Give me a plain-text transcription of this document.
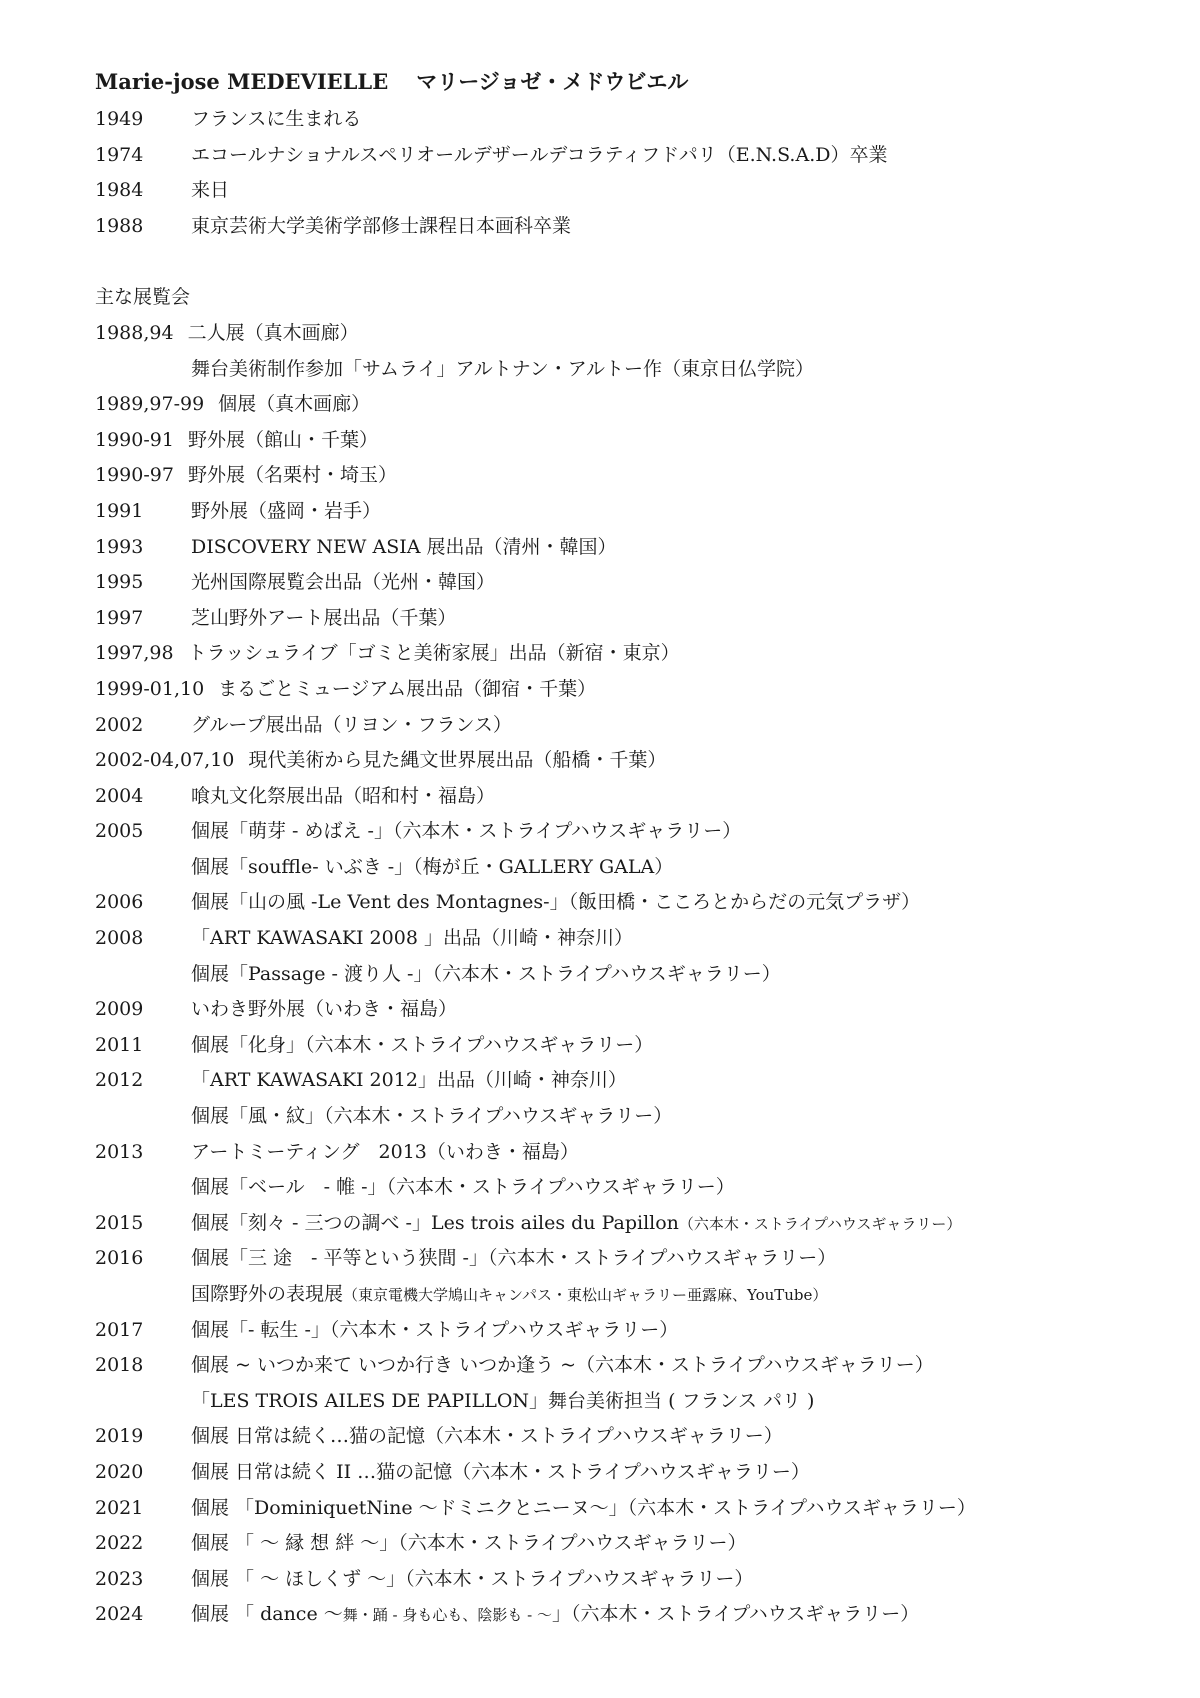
Marie-jose MEDEVIELLE マリージョゼ・メドウビエル
1949	フランスに生まれる
1974	エコールナショナルスペリオールデザールデコラティフドパリ（E.N.S.A.D）卒業
1984	来日
1988	東京芸術大学美術学部修士課程日本画科卒業
主な展覧会
1988,94 二人展（真木画廊）
舞台美術制作参加「サムライ」アルトナン・アルトー作（東京日仏学院）
1989,97-99 個展（真木画廊）
1990-91 野外展（館山・千葉）
1990-97 野外展（名栗村・埼玉）
1991	野外展（盛岡・岩手）
1993	DISCOVERY NEW ASIA 展出品（清州・韓国）
1995	光州国際展覧会出品（光州・韓国）
1997	芝山野外アート展出品（千葉）
1997,98 トラッシュライブ「ゴミと美術家展」出品（新宿・東京）
1999-01,10 まるごとミュージアム展出品（御宿・千葉）
2002	グループ展出品（リヨン・フランス）
2002-04,07,10 現代美術から見た縄文世界展出品（船橋・千葉）
2004	喰丸文化祭展出品（昭和村・福島）
2005	個展「萌芽 - めばえ -」（六本木・ストライプハウスギャラリー）
個展「souffle- いぶき -」（梅が丘・GALLERY GALA）
2006	個展「山の風 -Le Vent des Montagnes-」（飯田橋・こころとからだの元気プラザ）
2008	「ART KAWASAKI 2008 」出品（川崎・神奈川）
個展「Passage - 渡り人 -」（六本木・ストライプハウスギャラリー）
2009	いわき野外展（いわき・福島）
2011	個展「化身」（六本木・ストライプハウスギャラリー）
2012	「ART KAWASAKI 2012」出品（川崎・神奈川）
個展「風・紋」（六本木・ストライプハウスギャラリー）
2013	アートミーティング　2013（いわき・福島）
個展「ベール　- 帷 -」（六本木・ストライプハウスギャラリー）
2015	個展「刻々 - 三つの調べ -」Les trois ailes du Papillon（六本木・ストライプハウスギャラリー）
2016	個展「三 途　- 平等という狭間 -」（六本木・ストライプハウスギャラリー）
国際野外の表現展（東京電機大学鳩山キャンパス・東松山ギャラリー亜露麻、YouTube）
2017	個展「- 転生 -」（六本木・ストライプハウスギャラリー）
2018	個展 ~ いつか来て いつか行き いつか逢う ~（六本木・ストライプハウスギャラリー）
「LES TROIS AILES DE PAPILLON」舞台美術担当 ( フランス パリ )
2019	個展 日常は続く…猫の記憶（六本木・ストライプハウスギャラリー）
2020	個展 日常は続く II …猫の記憶（六本木・ストライプハウスギャラリー）
2021	個展 「DominiquetNine 〜ドミニクとニーヌ〜」（六本木・ストライプハウスギャラリー）
2022	個展 「 〜 縁 想 絆 〜」（六本木・ストライプハウスギャラリー）
2023	個展 「 〜 ほしくず 〜」（六本木・ストライプハウスギャラリー）
2024	個展 「 dance ～舞・踊 - 身も心も、陰影も - ～」（六本木・ストライプハウスギャラリー）
